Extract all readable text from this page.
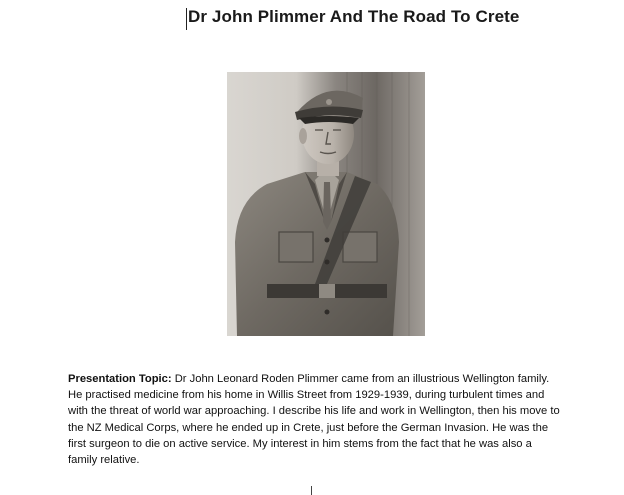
Dr John Plimmer And The Road To Crete
Presentation Topic: Dr John Leonard Roden Plimmer came from an illustrious Wellington family. He practised medicine from his home in Willis Street from 1929-1939, during turbulent times and with the threat of world war approaching. I describe his life and work in Wellington, then his move to the NZ Medical Corps, where he ended up in Crete, just before the German Invasion. He was the first surgeon to die on active service. My interest in him stems from the fact that he was also a family relative.
